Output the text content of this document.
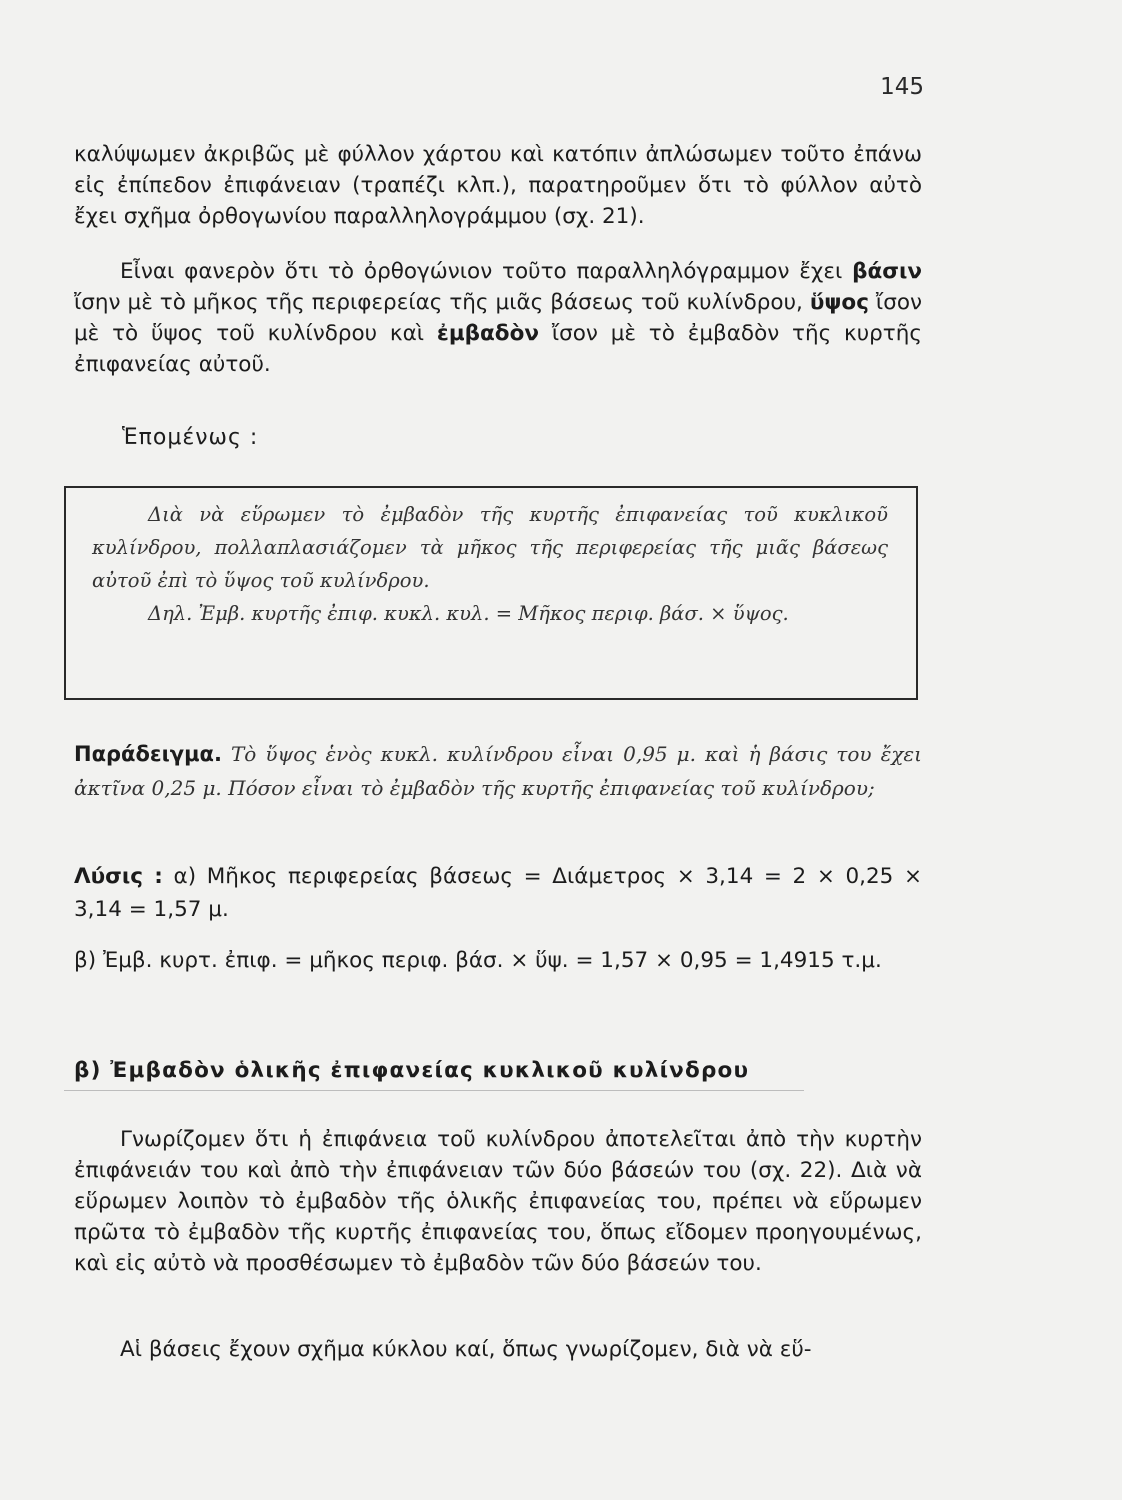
145
καλύψωμεν ἀκριβῶς μὲ φύλλον χάρτου καὶ κατόπιν ἀπλώσωμεν τοῦτο ἐπάνω εἰς ἐπίπεδον ἐπιφάνειαν (τραπέζι κλπ.), παρατηροῦμεν ὅτι τὸ φύλλον αὐτὸ ἔχει σχῆμα ὀρθογωνίου παραλληλογράμμου (σχ. 21).
Εἶναι φανερὸν ὅτι τὸ ὀρθογώνιον τοῦτο παραλληλόγραμμον ἔχει βάσιν ἴσην μὲ τὸ μῆκος τῆς περιφερείας τῆς μιᾶς βάσεως τοῦ κυλίνδρου, ὕψος ἴσον μὲ τὸ ὕψος τοῦ κυλίνδρου καὶ ἐμβαδὸν ἴσον μὲ τὸ ἐμβαδὸν τῆς κυρτῆς ἐπιφανείας αὐτοῦ.
Ἑπομένως :
Διὰ νὰ εὕρωμεν τὸ ἐμβαδὸν τῆς κυρτῆς ἐπιφανείας τοῦ κυκλικοῦ κυλίνδρου, πολλαπλασιάζομεν τὰ μῆκος τῆς περιφερείας τῆς μιᾶς βάσεως αὐτοῦ ἐπὶ τὸ ὕψος τοῦ κυλίνδρου.
Δηλ. Ἐμβ. κυρτῆς ἐπιφ. κυκλ. κυλ. = Μῆκος περιφ. βάσ. × ὕψος.
Παράδειγμα. Τὸ ὕψος ἑνὸς κυκλ. κυλίνδρου εἶναι 0,95 μ. καὶ ἡ βάσις του ἔχει ἀκτῖνα 0,25 μ. Πόσον εἶναι τὸ ἐμβαδὸν τῆς κυρτῆς ἐπιφανείας τοῦ κυλίνδρου;
Λύσις : α) Μῆκος περιφερείας βάσεως = Διάμετρος × 3,14 = 2 × 0,25 × 3,14 = 1,57 μ.
β) Ἐμβ. κυρτ. ἐπιφ. = μῆκος περιφ. βάσ. × ὕψ. = 1,57 × 0,95 = 1,4915 τ.μ.
β) Ἐμβαδὸν ὁλικῆς ἐπιφανείας κυκλικοῦ κυλίνδρου
Γνωρίζομεν ὅτι ἡ ἐπιφάνεια τοῦ κυλίνδρου ἀποτελεῖται ἀπὸ τὴν κυρτὴν ἐπιφάνειάν του καὶ ἀπὸ τὴν ἐπιφάνειαν τῶν δύο βάσεών του (σχ. 22). Διὰ νὰ εὕρωμεν λοιπὸν τὸ ἐμβαδὸν τῆς ὁλικῆς ἐπιφανείας του, πρέπει νὰ εὕρωμεν πρῶτα τὸ ἐμβαδὸν τῆς κυρτῆς ἐπιφανείας του, ὅπως εἴδομεν προηγουμένως, καὶ εἰς αὐτὸ νὰ προσθέσωμεν τὸ ἐμβαδὸν τῶν δύο βάσεών του.
Αἱ βάσεις ἔχουν σχῆμα κύκλου καί, ὅπως γνωρίζομεν, διὰ νὰ εὕ-
